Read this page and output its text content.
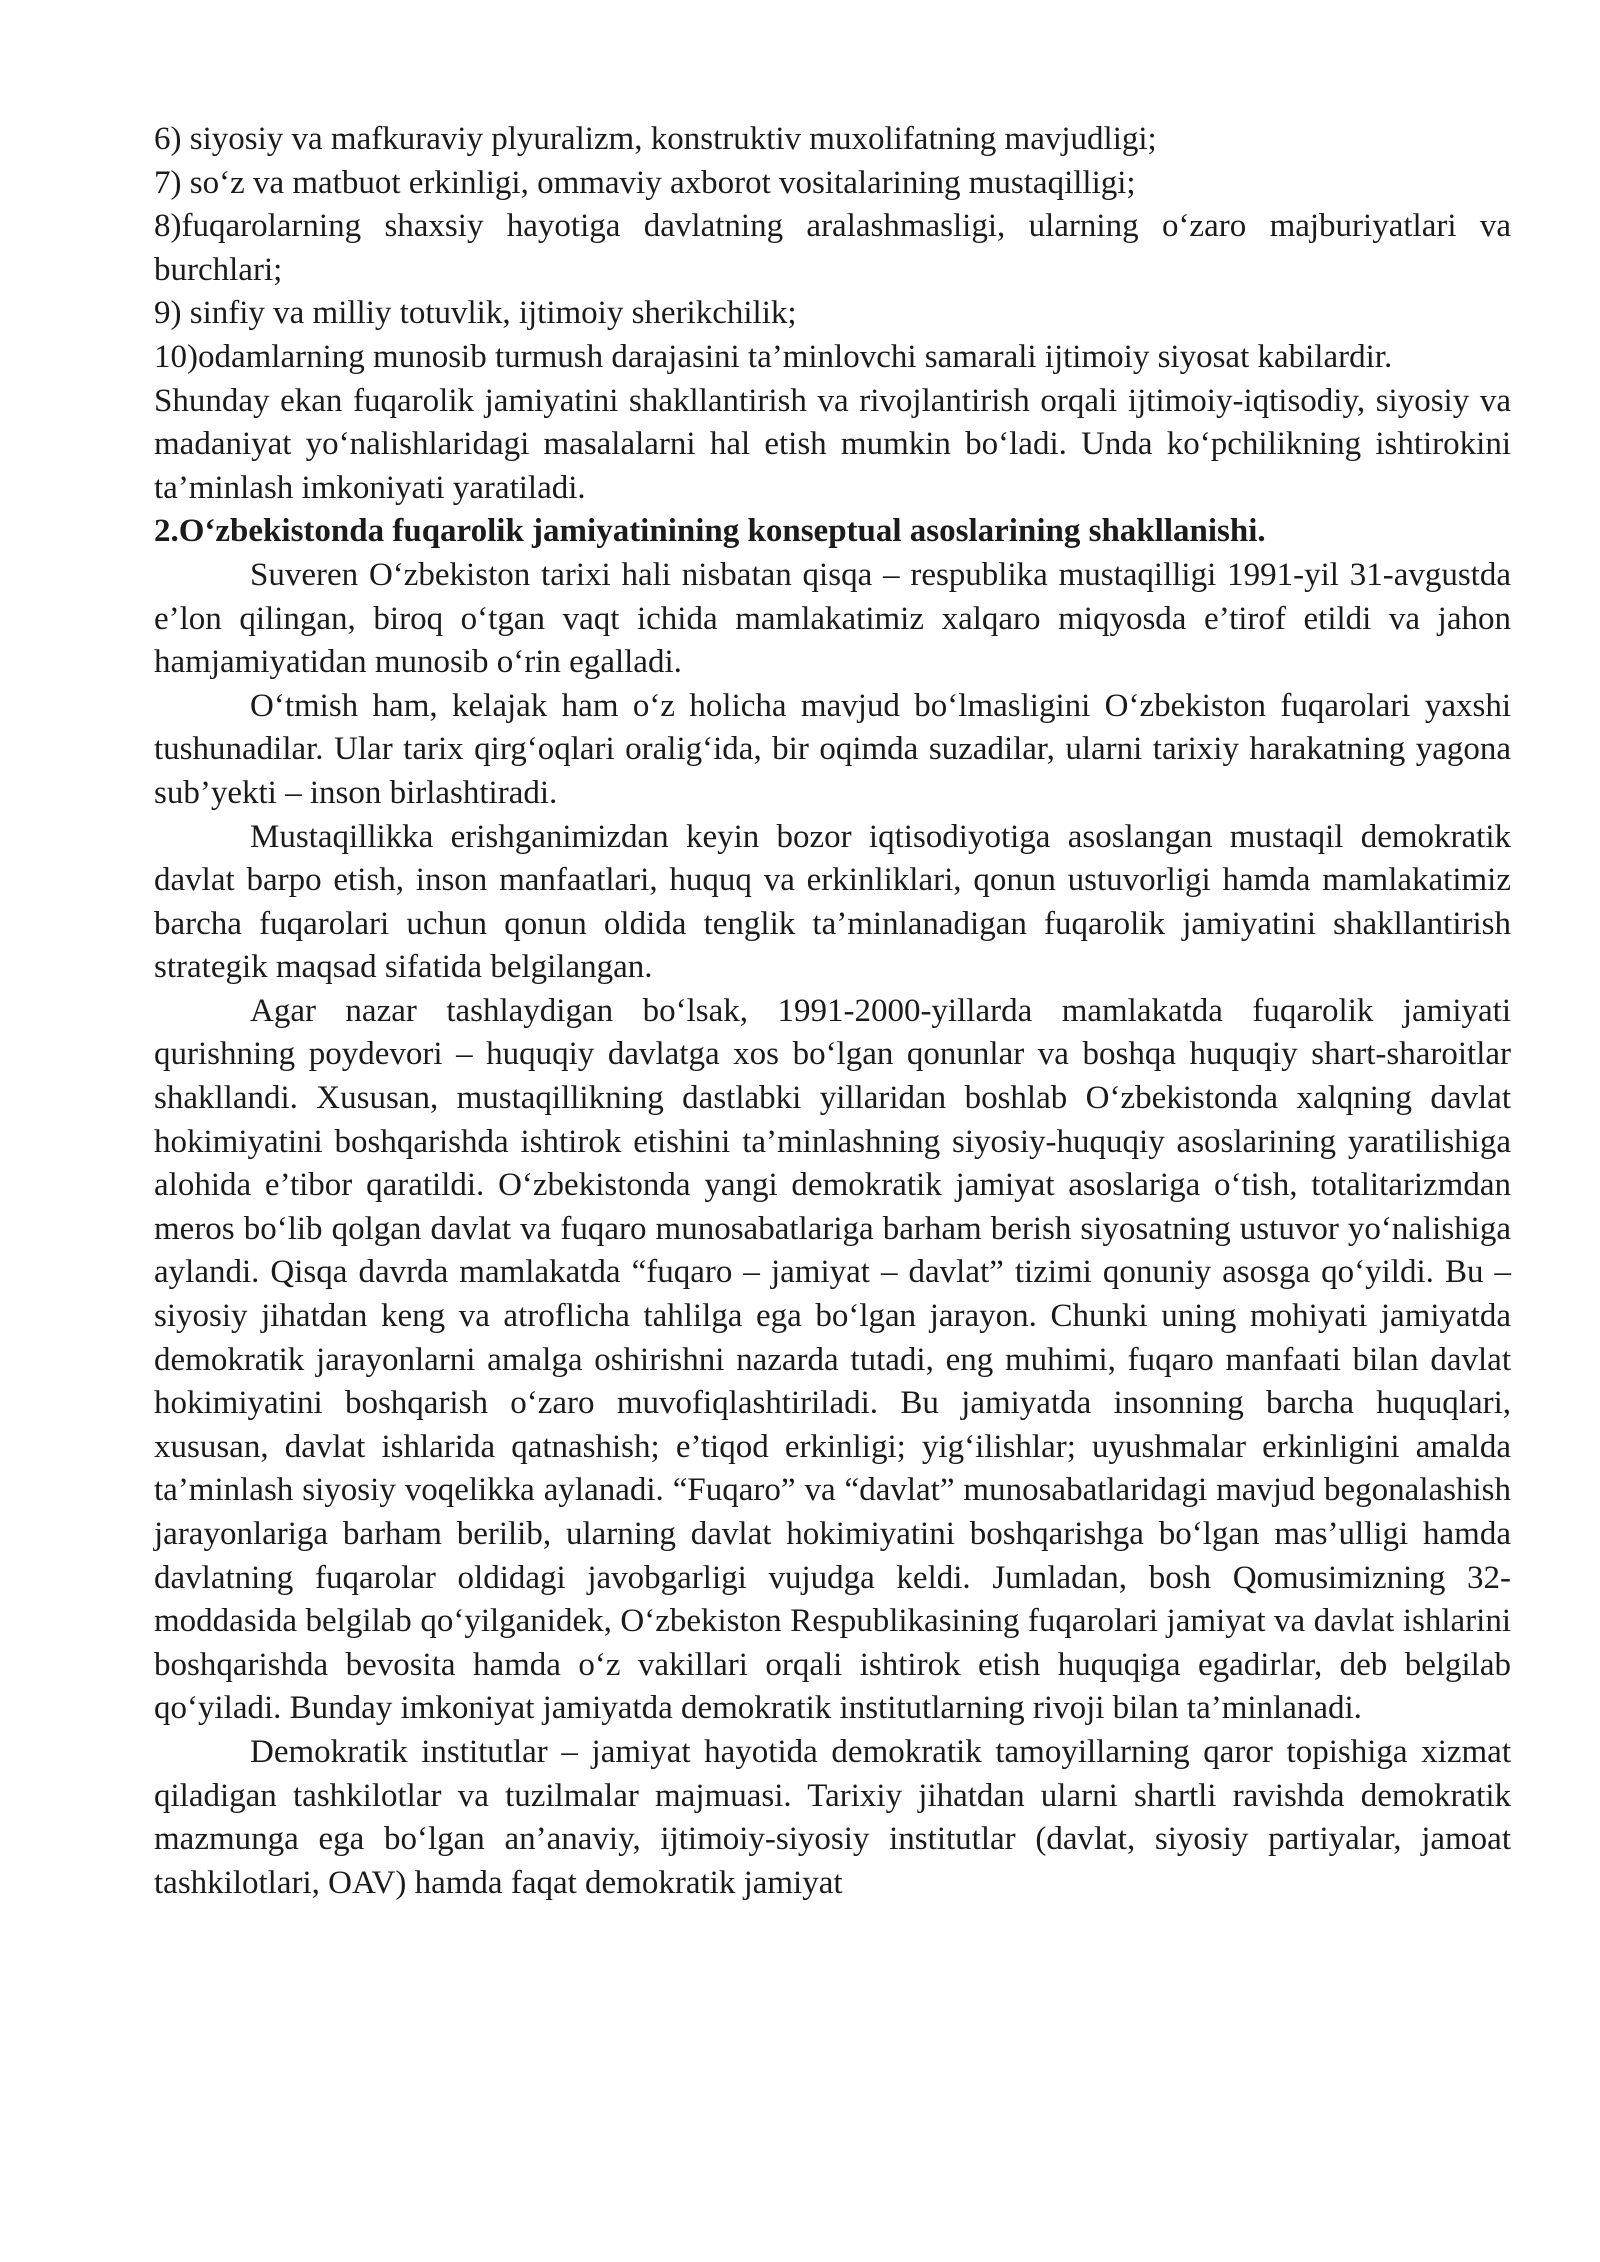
6) siyosiy va mafkuraviy plyuralizm, konstruktiv muxolifatning mavjudligi;

7) so‘z va matbuot erkinligi, ommaviy axborot vositalarining mustaqilligi;

8)fuqarolarning shaxsiy hayotiga davlatning aralashmasligi, ularning o‘zaro majburiyatlari va burchlari;

9) sinfiy va milliy totuvlik, ijtimoiy sherikchilik;

10)odamlarning munosib turmush darajasini ta’minlovchi samarali ijtimoiy siyosat kabilardir.

Shunday ekan fuqarolik jamiyatini shakllantirish va rivojlantirish orqali ijtimoiy-iqtisodiy, siyosiy va madaniyat yo‘nalishlaridagi masalalarni hal etish mumkin bo‘ladi. Unda ko‘pchilikning ishtirokini ta’minlash imkoniyati yaratiladi.

2.O‘zbekistonda fuqarolik jamiyatinining konseptual asoslarining shakllanishi.

Suveren O‘zbekiston tarixi hali nisbatan qisqa – respublika mustaqilligi 1991-yil 31-avgustda e’lon qilingan, biroq o‘tgan vaqt ichida mamlakatimiz xalqaro miqyosda e’tirof etildi va jahon hamjamiyatidan munosib o‘rin egalladi.

O‘tmish ham, kelajak ham o‘z holicha mavjud bo‘lmasligini O‘zbekiston fuqarolari yaxshi tushunadilar. Ular tarix qirg‘oqlari oralig‘ida, bir oqimda suzadilar, ularni tarixiy harakatning yagona sub’yekti – inson birlashtiradi.

Mustaqillikka erishganimizdan keyin bozor iqtisodiyotiga asoslangan mustaqil demokratik davlat barpo etish, inson manfaatlari, huquq va erkinliklari, qonun ustuvorligi hamda mamlakatimiz barcha fuqarolari uchun qonun oldida tenglik ta’minlanadigan fuqarolik jamiyatini shakllantirish strategik maqsad sifatida belgilangan.

Agar nazar tashlaydigan bo‘lsak, 1991-2000-yillarda mamlakatda fuqarolik jamiyati qurishning poydevori – huquqiy davlatga xos bo‘lgan qonunlar va boshqa huquqiy shart-sharoitlar shakllandi. Xususan, mustaqillikning dastlabki yillaridan boshlab O‘zbekistonda xalqning davlat hokimiyatini boshqarishda ishtirok etishini ta’minlashning siyosiy-huquqiy asoslarining yaratilishiga alohida e’tibor qaratildi. O‘zbekistonda yangi demokratik jamiyat asoslariga o‘tish, totalitarizmdan meros bo‘lib qolgan davlat va fuqaro munosabatlariga barham berish siyosatning ustuvor yo‘nalishiga aylandi. Qisqa davrda mamlakatda “fuqaro – jamiyat – davlat” tizimi qonuniy asosga qo‘yildi. Bu – siyosiy jihatdan keng va atroflicha tahlilga ega bo‘lgan jarayon. Chunki uning mohiyati jamiyatda demokratik jarayonlarni amalga oshirishni nazarda tutadi, eng muhimi, fuqaro manfaati bilan davlat hokimiyatini boshqarish o‘zaro muvofiqlashtiriladi. Bu jamiyatda insonning barcha huquqlari, xususan, davlat ishlarida qatnashish; e’tiqod erkinligi; yig‘ilishlar; uyushmalar erkinligini amalda ta’minlash siyosiy voqelikka aylanadi. “Fuqaro” va “davlat” munosabatlaridagi mavjud begonalashish jarayonlariga barham berilib, ularning davlat hokimiyatini boshqarishga bo‘lgan mas’ulligi hamda davlatning fuqarolar oldidagi javobgarligi vujudga keldi. Jumladan, bosh Qomusimizning 32-moddasida belgilab qo‘yilganidek, O‘zbekiston Respublikasining fuqarolari jamiyat va davlat ishlarini boshqarishda bevosita hamda o‘z vakillari orqali ishtirok etish huquqiga egadirlar, deb belgilab qo‘yiladi. Bunday imkoniyat jamiyatda demokratik institutlarning rivoji bilan ta’minlanadi.

Demokratik institutlar – jamiyat hayotida demokratik tamoyillarning qaror topishiga xizmat qiladigan tashkilotlar va tuzilmalar majmuasi. Tarixiy jihatdan ularni shartli ravishda demokratik mazmunga ega bo‘lgan an’anaviy, ijtimoiy-siyosiy institutlar (davlat, siyosiy partiyalar, jamoat tashkilotlari, OAV) hamda faqat demokratik jamiyat
